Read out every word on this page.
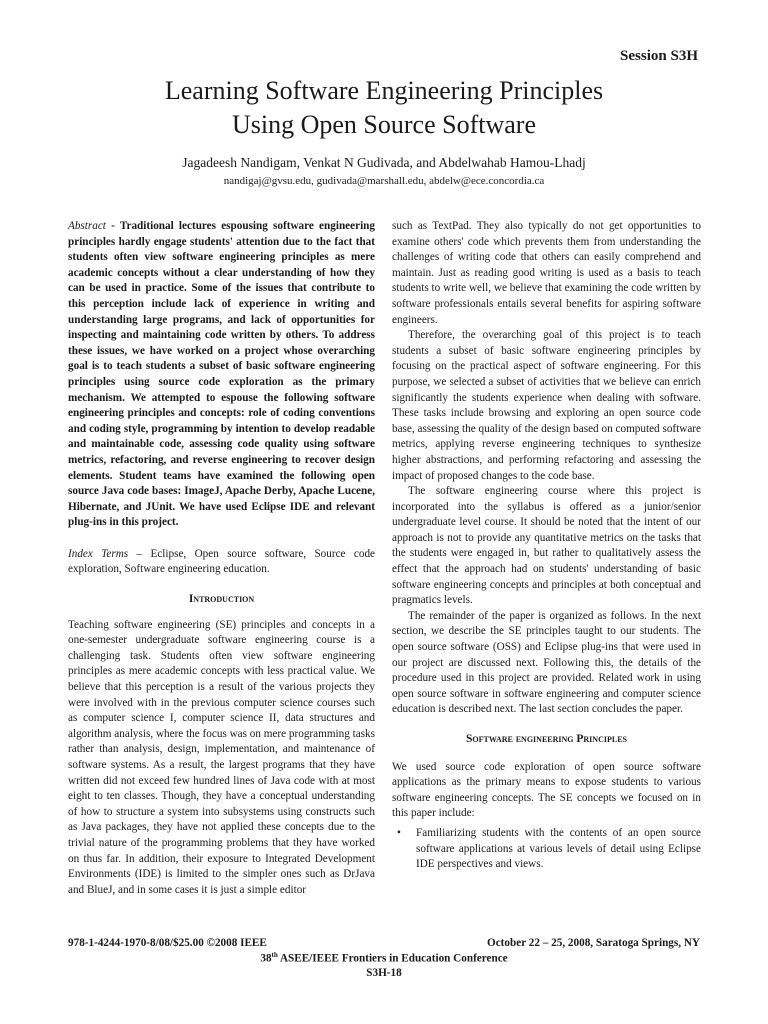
Session S3H
Learning Software Engineering Principles
Using Open Source Software
Jagadeesh Nandigam, Venkat N Gudivada, and Abdelwahab Hamou-Lhadj
nandigaj@gvsu.edu, gudivada@marshall.edu, abdelw@ece.concordia.ca

Abstract - Traditional lectures espousing software engineering principles hardly engage students' attention due to the fact that students often view software engineering principles as mere academic concepts without a clear understanding of how they can be used in practice. Some of the issues that contribute to this perception include lack of experience in writing and understanding large programs, and lack of opportunities for inspecting and maintaining code written by others. To address these issues, we have worked on a project whose overarching goal is to teach students a subset of basic software engineering principles using source code exploration as the primary mechanism. We attempted to espouse the following software engineering principles and concepts: role of coding conventions and coding style, programming by intention to develop readable and maintainable code, assessing code quality using software metrics, refactoring, and reverse engineering to recover design elements. Student teams have examined the following open source Java code bases: ImageJ, Apache Derby, Apache Lucene, Hibernate, and JUnit. We have used Eclipse IDE and relevant plug-ins in this project.

Index Terms – Eclipse, Open source software, Source code exploration, Software engineering education.

Introduction

Teaching software engineering (SE) principles and concepts in a one-semester undergraduate software engineering course is a challenging task. Students often view software engineering principles as mere academic concepts with less practical value. We believe that this perception is a result of the various projects they were involved with in the previous computer science courses such as computer science I, computer science II, data structures and algorithm analysis, where the focus was on mere programming tasks rather than analysis, design, implementation, and maintenance of software systems. As a result, the largest programs that they have written did not exceed few hundred lines of Java code with at most eight to ten classes. Though, they have a conceptual understanding of how to structure a system into subsystems using constructs such as Java packages, they have not applied these concepts due to the trivial nature of the programming problems that they have worked on thus far. In addition, their exposure to Integrated Development Environments (IDE) is limited to the simpler ones such as DrJava and BlueJ, and in some cases it is just a simple editor

such as TextPad. They also typically do not get opportunities to examine others' code which prevents them from understanding the challenges of writing code that others can easily comprehend and maintain. Just as reading good writing is used as a basis to teach students to write well, we believe that examining the code written by software professionals entails several benefits for aspiring software engineers.

Therefore, the overarching goal of this project is to teach students a subset of basic software engineering principles by focusing on the practical aspect of software engineering. For this purpose, we selected a subset of activities that we believe can enrich significantly the students experience when dealing with software. These tasks include browsing and exploring an open source code base, assessing the quality of the design based on computed software metrics, applying reverse engineering techniques to synthesize higher abstractions, and performing refactoring and assessing the impact of proposed changes to the code base.

The software engineering course where this project is incorporated into the syllabus is offered as a junior/senior undergraduate level course. It should be noted that the intent of our approach is not to provide any quantitative metrics on the tasks that the students were engaged in, but rather to qualitatively assess the effect that the approach had on students' understanding of basic software engineering concepts and principles at both conceptual and pragmatics levels.

The remainder of the paper is organized as follows. In the next section, we describe the SE principles taught to our students. The open source software (OSS) and Eclipse plug-ins that were used in our project are discussed next. Following this, the details of the procedure used in this project are provided. Related work in using open source software in software engineering and computer science education is described next. The last section concludes the paper.

Software engineering Principles

We used source code exploration of open source software applications as the primary means to expose students to various software engineering concepts. The SE concepts we focused on in this paper include:

•	Familiarizing students with the contents of an open source software applications at various levels of detail using Eclipse IDE perspectives and views.
978-1-4244-1970-8/08/$25.00 ©2008 IEEE	October 22 – 25, 2008, Saratoga Springs, NY
38th ASEE/IEEE Frontiers in Education Conference
S3H-18
